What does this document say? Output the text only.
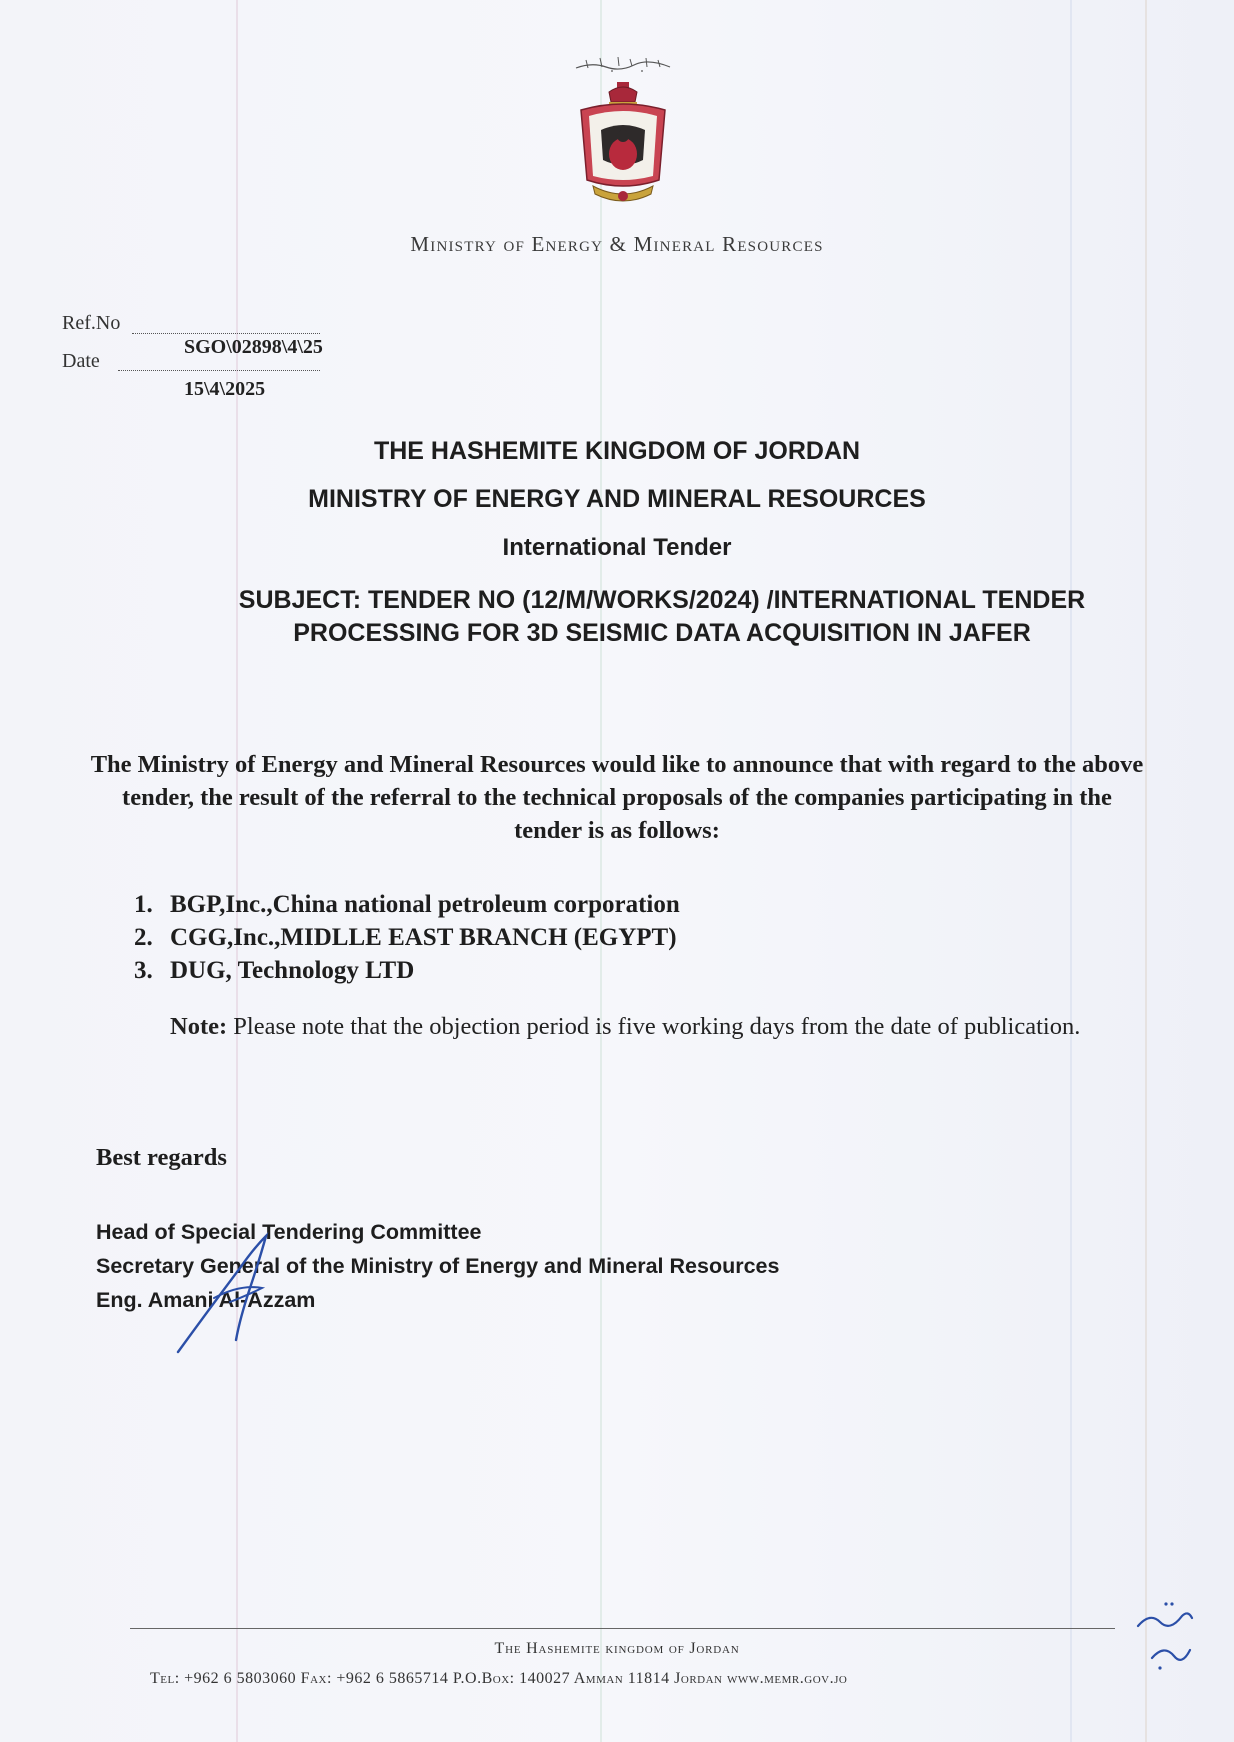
Ministry of Energy & Mineral Resources
Ref.No
SGO\02898\4\25
Date
15\4\2025
THE HASHEMITE KINGDOM OF JORDAN
MINISTRY OF ENERGY AND MINERAL RESOURCES
International Tender
SUBJECT: TENDER NO (12/M/WORKS/2024) /INTERNATIONAL TENDER PROCESSING FOR 3D SEISMIC DATA ACQUISITION IN JAFER
The Ministry of Energy and Mineral Resources would like to announce that with regard to the above tender, the result of the referral to the technical proposals of the companies participating in the tender is as follows:
1. BGP,Inc.,China national petroleum corporation
2. CGG,Inc.,MIDLLE EAST BRANCH (EGYPT)
3. DUG, Technology LTD
Note: Please note that the objection period is five working days from the date of publication.
Best regards
Head of Special Tendering Committee
Secretary General of the Ministry of Energy and Mineral Resources
Eng. Amani Al-Azzam
The Hashemite kingdom of Jordan
Tel: +962 6 5803060 Fax: +962 6 5865714 P.O.Box: 140027 Amman 11814 Jordan www.memr.gov.jo
